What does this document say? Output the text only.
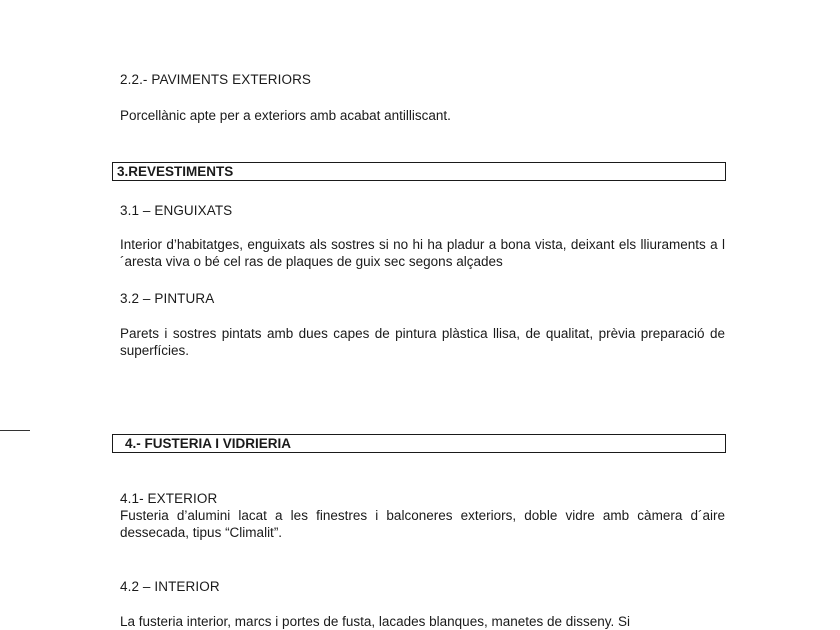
2.2.- PAVIMENTS EXTERIORS

Porcellànic apte per a exteriors amb acabat antilliscant.

3.REVESTIMENTS

3.1 – ENGUIXATS

Interior d’habitatges, enguixats als sostres si no hi ha pladur a bona vista, deixant els lliuraments a l´aresta viva o bé cel ras de plaques de guix sec segons alçades

3.2 – PINTURA

Parets i sostres pintats amb dues capes de pintura plàstica llisa, de qualitat, prèvia preparació de superfícies.

4.- FUSTERIA I VIDRIERIA

4.1- EXTERIOR

Fusteria d’alumini lacat a les finestres i balconeres exteriors, doble vidre amb càmera d´aire dessecada, tipus “Climalit”.

4.2 – INTERIOR

La fusteria interior, marcs i portes de fusta, lacades blanques, manetes de disseny. Si
